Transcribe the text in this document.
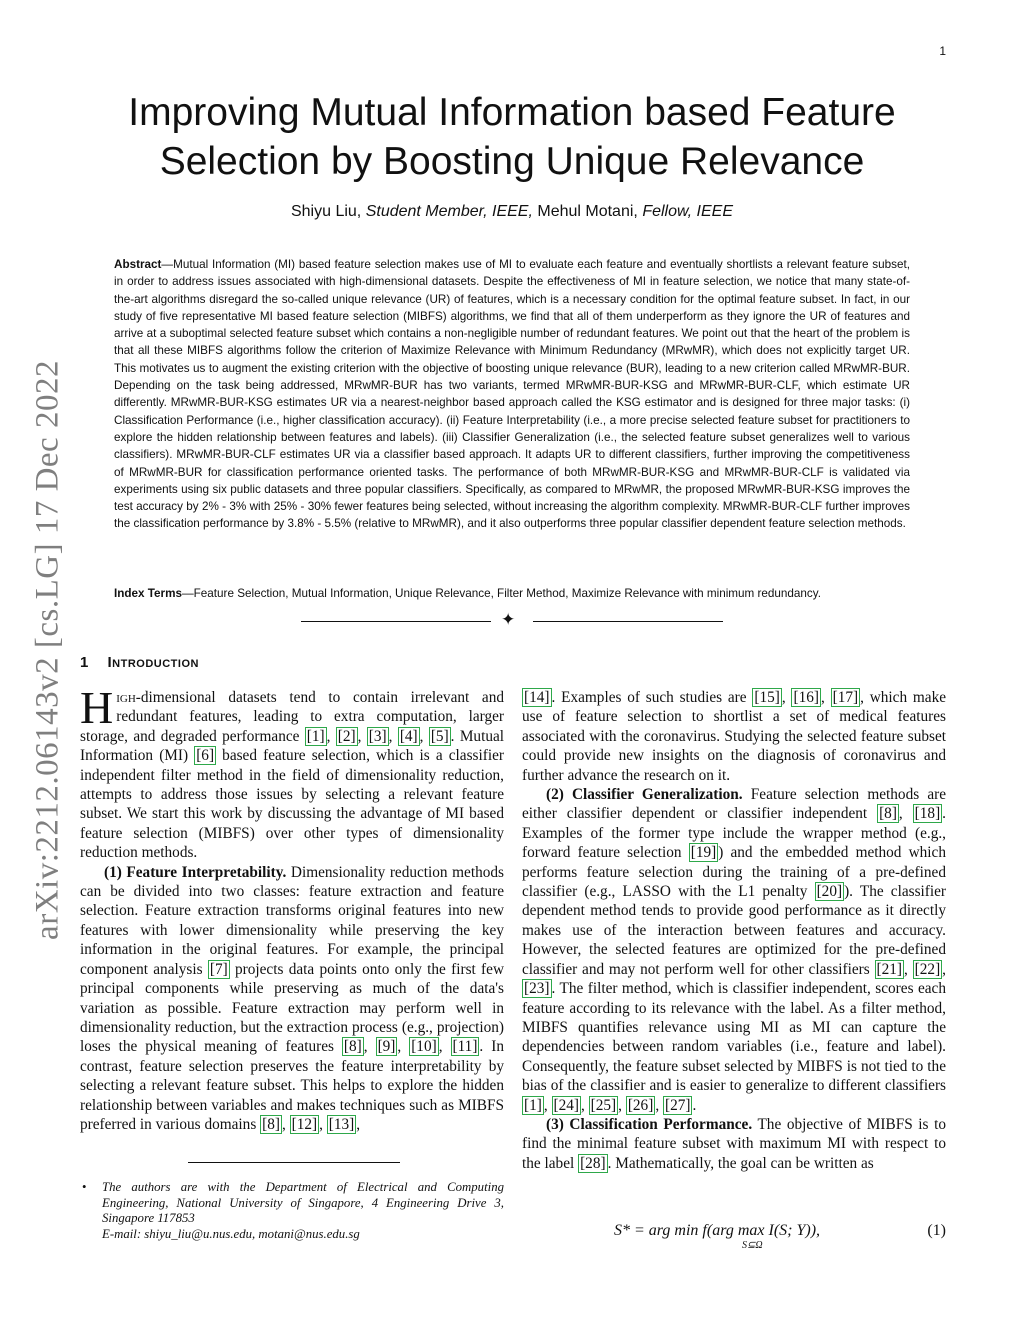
1
arXiv:2212.06143v2 [cs.LG] 17 Dec 2022
Improving Mutual Information based Feature
Selection by Boosting Unique Relevance
Shiyu Liu, Student Member, IEEE, Mehul Motani, Fellow, IEEE
Abstract—Mutual Information (MI) based feature selection makes use of MI to evaluate each feature and eventually shortlists a relevant feature subset, in order to address issues associated with high-dimensional datasets. Despite the effectiveness of MI in feature selection, we notice that many state-of-the-art algorithms disregard the so-called unique relevance (UR) of features, which is a necessary condition for the optimal feature subset. In fact, in our study of five representative MI based feature selection (MIBFS) algorithms, we find that all of them underperform as they ignore the UR of features and arrive at a suboptimal selected feature subset which contains a non-negligible number of redundant features. We point out that the heart of the problem is that all these MIBFS algorithms follow the criterion of Maximize Relevance with Minimum Redundancy (MRwMR), which does not explicitly target UR. This motivates us to augment the existing criterion with the objective of boosting unique relevance (BUR), leading to a new criterion called MRwMR-BUR. Depending on the task being addressed, MRwMR-BUR has two variants, termed MRwMR-BUR-KSG and MRwMR-BUR-CLF, which estimate UR differently. MRwMR-BUR-KSG estimates UR via a nearest-neighbor based approach called the KSG estimator and is designed for three major tasks: (i) Classification Performance (i.e., higher classification accuracy). (ii) Feature Interpretability (i.e., a more precise selected feature subset for practitioners to explore the hidden relationship between features and labels). (iii) Classifier Generalization (i.e., the selected feature subset generalizes well to various classifiers). MRwMR-BUR-CLF estimates UR via a classifier based approach. It adapts UR to different classifiers, further improving the competitiveness of MRwMR-BUR for classification performance oriented tasks. The performance of both MRwMR-BUR-KSG and MRwMR-BUR-CLF is validated via experiments using six public datasets and three popular classifiers. Specifically, as compared to MRwMR, the proposed MRwMR-BUR-KSG improves the test accuracy by 2% - 3% with 25% - 30% fewer features being selected, without increasing the algorithm complexity. MRwMR-BUR-CLF further improves the classification performance by 3.8% - 5.5% (relative to MRwMR), and it also outperforms three popular classifier dependent feature selection methods.
Index Terms—Feature Selection, Mutual Information, Unique Relevance, Filter Method, Maximize Relevance with minimum redundancy.
✦
1 Introduction

High-dimensional datasets tend to contain irrelevant and redundant features, leading to extra computation, larger storage, and degraded performance [1] , [2] , [3] , [4] , [5] . Mutual Information (MI) [6] based feature selection, which is a classifier independent filter method in the field of dimensionality reduction, attempts to address those issues by selecting a relevant feature subset. We start this work by discussing the advantage of MI based feature selection (MIBFS) over other types of dimensionality reduction methods.

(1) Feature Interpretability. Dimensionality reduction methods can be divided into two classes: feature extraction and feature selection. Feature extraction transforms original features into new features with lower dimensionality while preserving the key information in the original features. For example, the principal component analysis [7] projects data points onto only the first few principal components while preserving as much of the data's variation as possible. Feature extraction may perform well in dimensionality reduction, but the extraction process (e.g., projection) loses the physical meaning of features [8] , [9] , [10] , [11] . In contrast, feature selection preserves the feature interpretability by selecting a relevant feature subset. This helps to explore the hidden relationship between variables and makes techniques such as MIBFS preferred in various domains [8] , [12] , [13] ,

[14] . Examples of such studies are [15] , [16] , [17] , which make use of feature selection to shortlist a set of medical features associated with the coronavirus. Studying the selected feature subset could provide new insights on the diagnosis of coronavirus and further advance the research on it.

(2) Classifier Generalization. Feature selection methods are either classifier dependent or classifier independent [8] , [18] . Examples of the former type include the wrapper method (e.g., forward feature selection [19] ) and the embedded method which performs feature selection during the training of a pre-defined classifier (e.g., LASSO with the L1 penalty [20] ). The classifier dependent method tends to provide good performance as it directly makes use of the interaction between features and accuracy. However, the selected features are optimized for the pre-defined classifier and may not perform well for other classifiers [21] , [22] , [23] . The filter method, which is classifier independent, scores each feature according to its relevance with the label. As a filter method, MIBFS quantifies relevance using MI as MI can capture the dependencies between random variables (i.e., feature and label). Consequently, the feature subset selected by MIBFS is not tied to the bias of the classifier and is easier to generalize to different classifiers [1] , [24] , [25] , [26] , [27] .

(3) Classification Performance. The objective of MIBFS is to find the minimal feature subset with maximum MI with respect to the label [28] . Mathematically, the goal can be written as

S* = arg min f(arg max I(S; Y)),
S⊆Ω
(1)
• The authors are with the Department of Electrical and Computing Engineering, National University of Singapore, 4 Engineering Drive 3, Singapore 117853
E-mail: shiyu_liu@u.nus.edu, motani@nus.edu.sg
